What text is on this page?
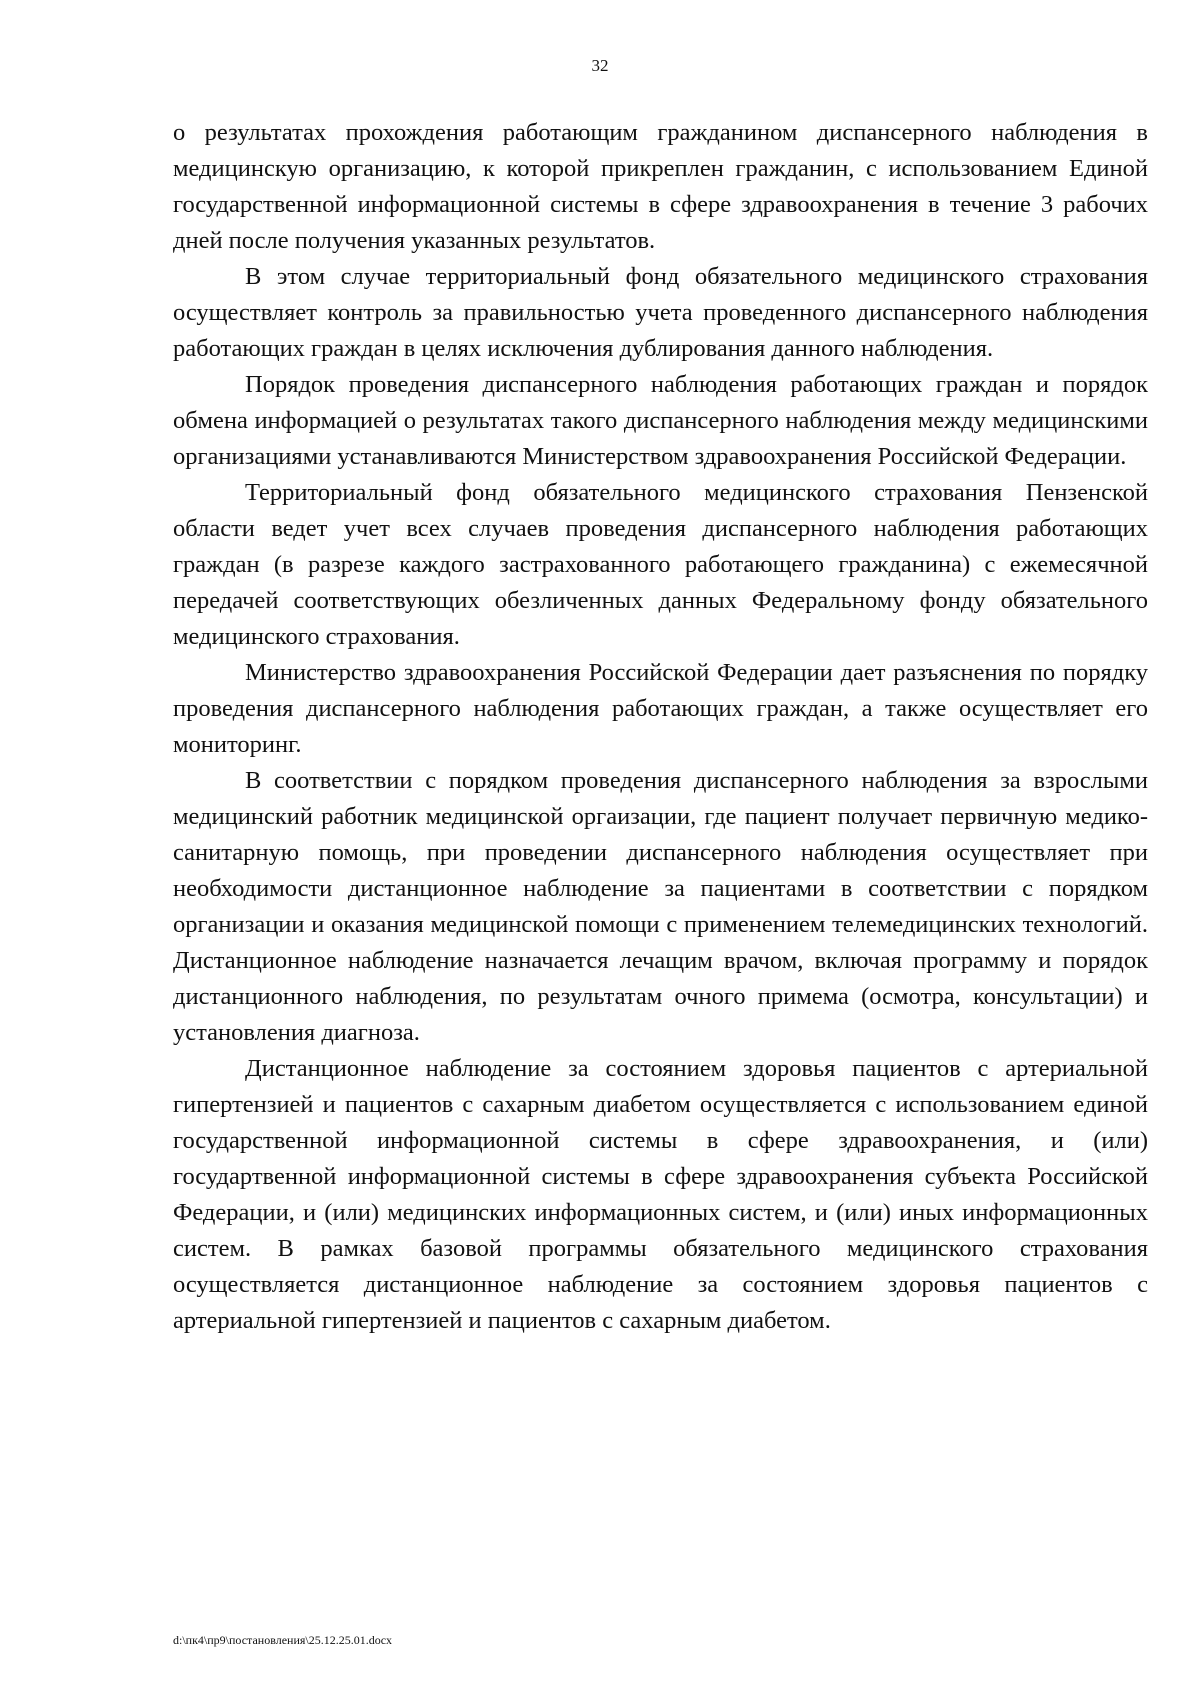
32

о результатах прохождения работающим гражданином диспансерного наблюдения в медицинскую организацию, к которой прикреплен гражданин, с использованием Единой государственной информационной системы в сфере здравоохранения в течение 3 рабочих дней после получения указанных результатов.

В этом случае территориальный фонд обязательного медицинского страхования осуществляет контроль за правильностью учета проведенного диспансерного наблюдения работающих граждан в целях исключения дублирования данного наблюдения.

Порядок проведения диспансерного наблюдения работающих граждан и порядок обмена информацией о результатах такого диспансерного наблюдения между медицинскими организациями устанавливаются Министерством здравоохранения Российской Федерации.

Территориальный фонд обязательного медицинского страхования Пензенской области ведет учет всех случаев проведения диспансерного наблюдения работающих граждан (в разрезе каждого застрахованного работающего гражданина) с ежемесячной передачей соответствующих обезличенных данных Федеральному фонду обязательного медицинского страхования.

Министерство здравоохранения Российской Федерации дает разъяснения по порядку проведения диспансерного наблюдения работающих граждан, а также осуществляет его мониторинг.

В соответствии с порядком проведения диспансерного наблюдения за взрослыми медицинский работник медицинской оргаизации, где пациент получает первичную медико-санитарную помощь, при проведении диспансерного наблюдения осуществляет при необходимости дистанционное наблюдение за пациентами в соответствии с порядком организации и оказания медицинской помощи с применением телемедицинских технологий. Дистанционное наблюдение назначается лечащим врачом, включая программу и порядок дистанционного наблюдения, по результатам очного примема (осмотра, консультации) и установления диагноза.

Дистанционное наблюдение за состоянием здоровья пациентов с артериальной гипертензией и пациентов с сахарным диабетом осуществляется с использованием единой государственной информационной системы в сфере здравоохранения, и (или) государтвенной информационной системы в сфере здравоохранения субъекта Российской Федерации, и (или) медицинских информационных систем, и (или) иных информационных систем. В рамках базовой программы обязательного медицинского страхования осуществляется дистанционное наблюдение за состоянием здоровья пациентов с артериальной гипертензией и пациентов с сахарным диабетом.

d:\пк4\пр9\постановления\25.12.25.01.docx
